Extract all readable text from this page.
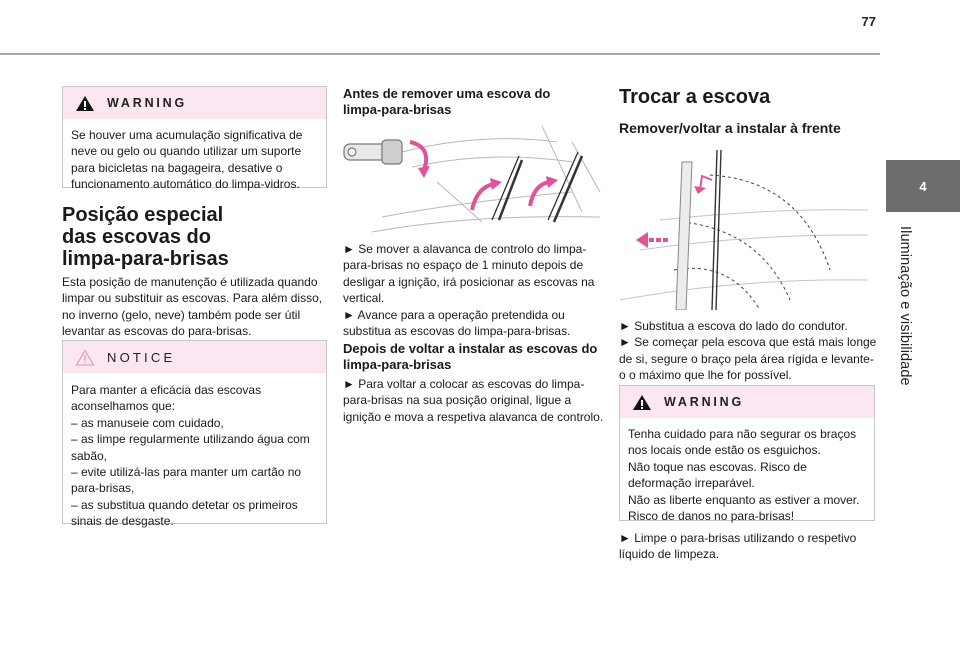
77
4
Iluminação e visibilidade
WARNING

Se houver uma acumulação significativa de neve ou gelo ou quando utilizar um suporte para bicicletas na bagageira, desative o funcionamento automático do limpa-vidros.

Posição especial
das escovas do
limpa-para-brisas

Esta posição de manutenção é utilizada quando limpar ou substituir as escovas. Para além disso, no inverno (gelo, neve) também pode ser útil levantar as escovas do para-brisas.

NOTICE

Para manter a eficácia das escovas aconselhamos que:

– as manuseie com cuidado,

– as limpe regularmente utilizando água com sabão,

– evite utilizá-las para manter um cartão no para-brisas,

– as substitua quando detetar os primeiros sinais de desgaste.

Antes de remover uma escova do limpa-para-brisas

► Se mover a alavanca de controlo do limpa-para-brisas no espaço de 1 minuto depois de desligar a ignição, irá posicionar as escovas na vertical.

► Avance para a operação pretendida ou substitua as escovas do limpa-para-brisas.

Depois de voltar a instalar as escovas do limpa-para-brisas

► Para voltar a colocar as escovas do limpa-para-brisas na sua posição original, ligue a ignição e mova a respetiva alavanca de controlo.

Trocar a escova
Remover/voltar a instalar à frente

► Substitua a escova do lado do condutor.

► Se começar pela escova que está mais longe de si, segure o braço pela área rígida e levante-o o máximo que lhe for possível.

WARNING

Tenha cuidado para não segurar os braços nos locais onde estão os esguichos.

Não toque nas escovas. Risco de deformação irreparável.

Não as liberte enquanto as estiver a mover. Risco de danos no para-brisas!

► Limpe o para-brisas utilizando o respetivo líquido de limpeza.
